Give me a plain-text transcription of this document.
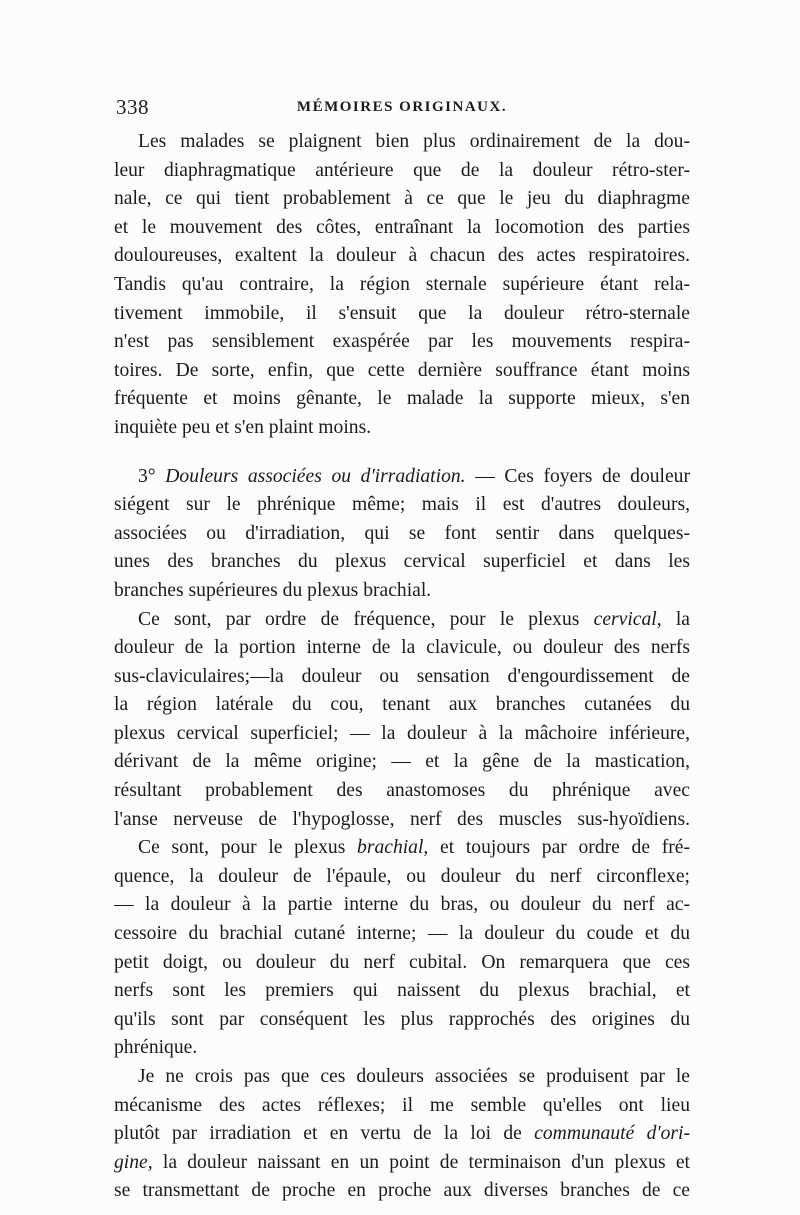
338	MÉMOIRES ORIGINAUX.
Les malades se plaignent bien plus ordinairement de la dou-
leur diaphragmatique antérieure que de la douleur rétro-ster-
nale, ce qui tient probablement à ce que le jeu du diaphragme
et le mouvement des côtes, entraînant la locomotion des parties
douloureuses, exaltent la douleur à chacun des actes respiratoires.
Tandis qu'au contraire, la région sternale supérieure étant rela-
tivement immobile, il s'ensuit que la douleur rétro-sternale
n'est pas sensiblement exaspérée par les mouvements respira-
toires. De sorte, enfin, que cette dernière souffrance étant moins
fréquente et moins gênante, le malade la supporte mieux, s'en
inquiète peu et s'en plaint moins.
3° Douleurs associées ou d'irradiation. — Ces foyers de douleur
siégent sur le phrénique même; mais il est d'autres douleurs,
associées ou d'irradiation, qui se font sentir dans quelques-
unes des branches du plexus cervical superficiel et dans les
branches supérieures du plexus brachial.
Ce sont, par ordre de fréquence, pour le plexus cervical, la
douleur de la portion interne de la clavicule, ou douleur des nerfs
sus-claviculaires;—la douleur ou sensation d'engourdissement de
la région latérale du cou, tenant aux branches cutanées du
plexus cervical superficiel; — la douleur à la mâchoire inférieure,
dérivant de la même origine; — et la gêne de la mastication,
résultant probablement des anastomoses du phrénique avec
l'anse nerveuse de l'hypoglosse, nerf des muscles sus-hyoïdiens.
Ce sont, pour le plexus brachial, et toujours par ordre de fré-
quence, la douleur de l'épaule, ou douleur du nerf circonflexe;
— la douleur à la partie interne du bras, ou douleur du nerf ac-
cessoire du brachial cutané interne; — la douleur du coude et du
petit doigt, ou douleur du nerf cubital. On remarquera que ces
nerfs sont les premiers qui naissent du plexus brachial, et
qu'ils sont par conséquent les plus rapprochés des origines du
phrénique.
Je ne crois pas que ces douleurs associées se produisent par le
mécanisme des actes réflexes; il me semble qu'elles ont lieu
plutôt par irradiation et en vertu de la loi de communauté d'ori-
gine, la douleur naissant en un point de terminaison d'un plexus et
se transmettant de proche en proche aux diverses branches de ce
